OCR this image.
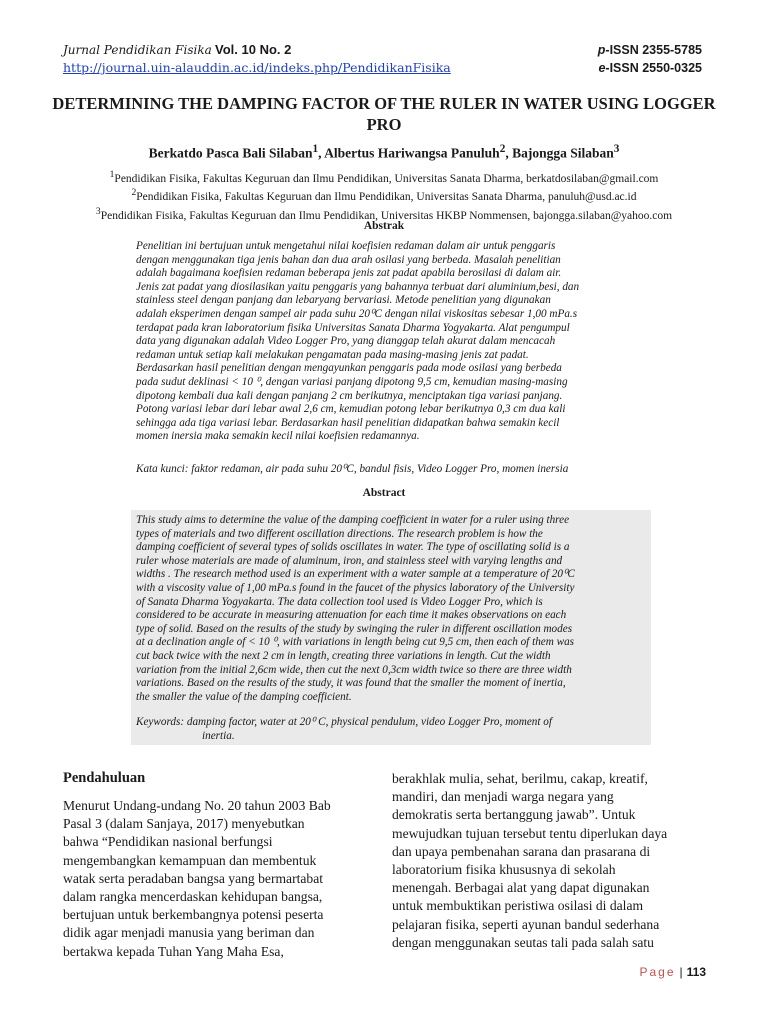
Jurnal Pendidikan Fisika Vol. 10 No. 2
http://journal.uin-alauddin.ac.id/indeks.php/PendidikanFisika
p-ISSN 2355-5785
e-ISSN 2550-0325
DETERMINING THE DAMPING FACTOR OF THE RULER IN WATER USING LOGGER PRO
Berkatdo Pasca Bali Silaban$^1$, Albertus Hariwangsa Panuluh$^2$, Bajongga Silaban$^3$
$^1$Pendidikan Fisika, Fakultas Keguruan dan Ilmu Pendidikan, Universitas Sanata Dharma, berkatdosilaban@gmail.com
$^2$Pendidikan Fisika, Fakultas Keguruan dan Ilmu Pendidikan, Universitas Sanata Dharma, panuluh@usd.ac.id
$^3$Pendidikan Fisika, Fakultas Keguruan dan Ilmu Pendidikan, Universitas HKBP Nommensen, bajongga.silaban@yahoo.com
Abstrak
Penelitian ini bertujuan untuk mengetahui nilai koefisien redaman dalam air untuk penggaris
dengan menggunakan tiga jenis bahan dan dua arah osilasi yang berbeda. Masalah penelitian
adalah bagaimana koefisien redaman beberapa jenis zat padat apabila berosilasi di dalam air.
Jenis zat padat yang diosilasikan yaitu penggaris yang bahannya terbuat dari aluminium,besi, dan
stainless steel dengan panjang dan lebaryang bervariasi. Metode penelitian yang digunakan
adalah eksperimen dengan sampel air pada suhu 20⁰C dengan nilai viskositas sebesar 1,00 mPa.s
terdapat pada kran laboratorium fisika Universitas Sanata Dharma Yogyakarta. Alat pengumpul
data yang digunakan adalah Video Logger Pro, yang dianggap telah akurat dalam mencacah
redaman untuk setiap kali melakukan pengamatan pada masing-masing jenis zat padat.
Berdasarkan hasil penelitian dengan mengayunkan penggaris pada mode osilasi yang berbeda
pada sudut deklinasi < 10 ⁰, dengan variasi panjang dipotong 9,5 cm, kemudian masing-masing
dipotong kembali dua kali dengan panjang 2 cm berikutnya, menciptakan tiga variasi panjang.
Potong variasi lebar dari lebar awal 2,6 cm, kemudian potong lebar berikutnya 0,3 cm dua kali
sehingga ada tiga variasi lebar. Berdasarkan hasil penelitian didapatkan bahwa semakin kecil
momen inersia maka semakin kecil nilai koefisien redamannya.
Kata kunci: faktor redaman, air pada suhu 20⁰C, bandul fisis, Video Logger Pro, momen inersia
Abstract
This study aims to determine the value of the damping coefficient in water for a ruler using three
types of materials and two different oscillation directions. The research problem is how the
damping coefficient of several types of solids oscillates in water. The type of oscillating solid is a
ruler whose materials are made of aluminum, iron, and stainless steel with varying lengths and
widths . The research method used is an experiment with a water sample at a temperature of 20⁰C
with a viscosity value of 1,00 mPa.s found in the faucet of the physics laboratory of the University
of Sanata Dharma Yogyakarta. The data collection tool used is Video Logger Pro, which is
considered to be accurate in measuring attenuation for each time it makes observations on each
type of solid. Based on the results of the study by swinging the ruler in different oscillation modes
at a declination angle of < 10 ⁰, with variations in length being cut 9,5 cm, then each of them was
cut back twice with the next 2 cm in length, creating three variations in length. Cut the width
variation from the initial 2,6cm wide, then cut the next 0,3cm width twice so there are three width
variations. Based on the results of the study, it was found that the smaller the moment of inertia,
the smaller the value of the damping coefficient.
Keywords: damping factor, water at 20⁰ C, physical pendulum, video Logger Pro, moment of
inertia.
Pendahuluan
Menurut Undang-undang No. 20 tahun 2003 Bab
Pasal 3 (dalam Sanjaya, 2017) menyebutkan
bahwa “Pendidikan nasional berfungsi
mengembangkan kemampuan dan membentuk
watak serta peradaban bangsa yang bermartabat
dalam rangka mencerdaskan kehidupan bangsa,
bertujuan untuk berkembangnya potensi peserta
didik agar menjadi manusia yang beriman dan
bertakwa kepada Tuhan Yang Maha Esa,
berakhlak mulia, sehat, berilmu, cakap, kreatif,
mandiri, dan menjadi warga negara yang
demokratis serta bertanggung jawab”. Untuk
mewujudkan tujuan tersebut tentu diperlukan daya
dan upaya pembenahan sarana dan prasarana di
laboratorium fisika khususnya di sekolah
menengah. Berbagai alat yang dapat digunakan
untuk membuktikan peristiwa osilasi di dalam
pelajaran fisika, seperti ayunan bandul sederhana
dengan menggunakan seutas tali pada salah satu
Page | 113
